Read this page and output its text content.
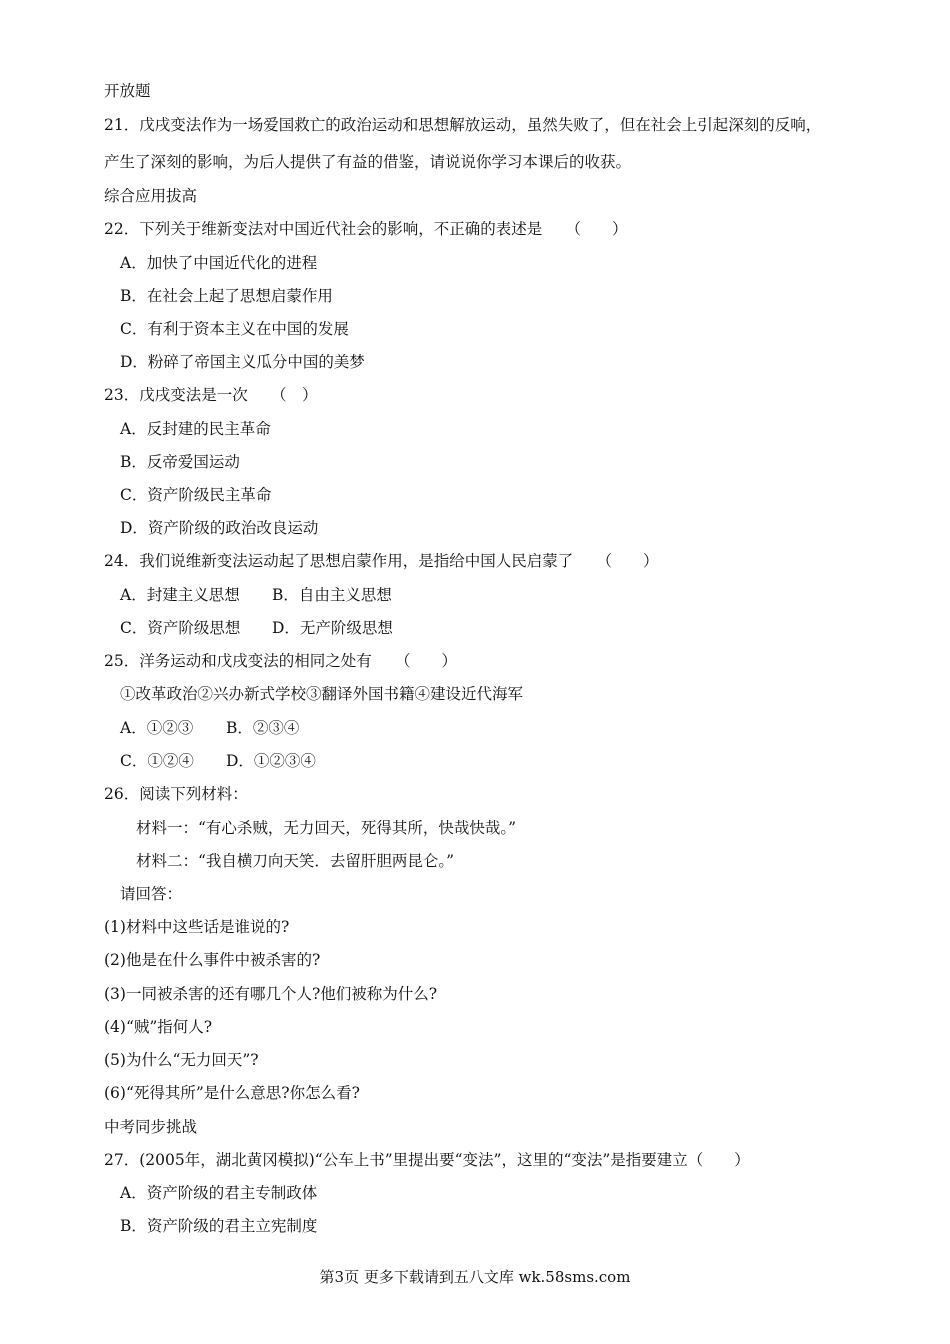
开放题
21．戊戌变法作为一场爱国救亡的政治运动和思想解放运动，虽然失败了，但在社会上引起深刻的反响，
产生了深刻的影响，为后人提供了有益的借鉴，请说说你学习本课后的收获。
综合应用拔高
22．下列关于维新变法对中国近代社会的影响，不正确的表述是　　（　　）
A．加快了中国近代化的进程
B．在社会上起了思想启蒙作用
C．有利于资本主义在中国的发展
D．粉碎了帝国主义瓜分中国的美梦
23．戊戌变法是一次　　（　）
A．反封建的民主革命
B．反帝爱国运动
C．资产阶级民主革命
D．资产阶级的政治改良运动
24．我们说维新变法运动起了思想启蒙作用，是指给中国人民启蒙了　　（　　）
A．封建主义思想 B．自由主义思想
C．资产阶级思想 D．无产阶级思想
25．洋务运动和戊戌变法的相同之处有　　（　　）
①改革政治②兴办新式学校③翻译外国书籍④建设近代海军
A．①②③ B．②③④
C．①②④ D．①②③④
26．阅读下列材料：
材料一：“有心杀贼，无力回天，死得其所，快哉快哉。”
材料二：“我自横刀向天笑．去留肝胆两昆仑。”
请回答：
(1)材料中这些话是谁说的?
(2)他是在什么事件中被杀害的?
(3)一同被杀害的还有哪几个人?他们被称为什么?
(4)“贼”指何人?
(5)为什么“无力回天”?
(6)“死得其所”是什么意思?你怎么看?
中考同步挑战
27．(2005年，湖北黄冈模拟)“公车上书”里提出要“变法”，这里的“变法”是指要建立（　　）
A．资产阶级的君主专制政体
B．资产阶级的君主立宪制度
第3页 更多下载请到五八文库 wk.58sms.com
